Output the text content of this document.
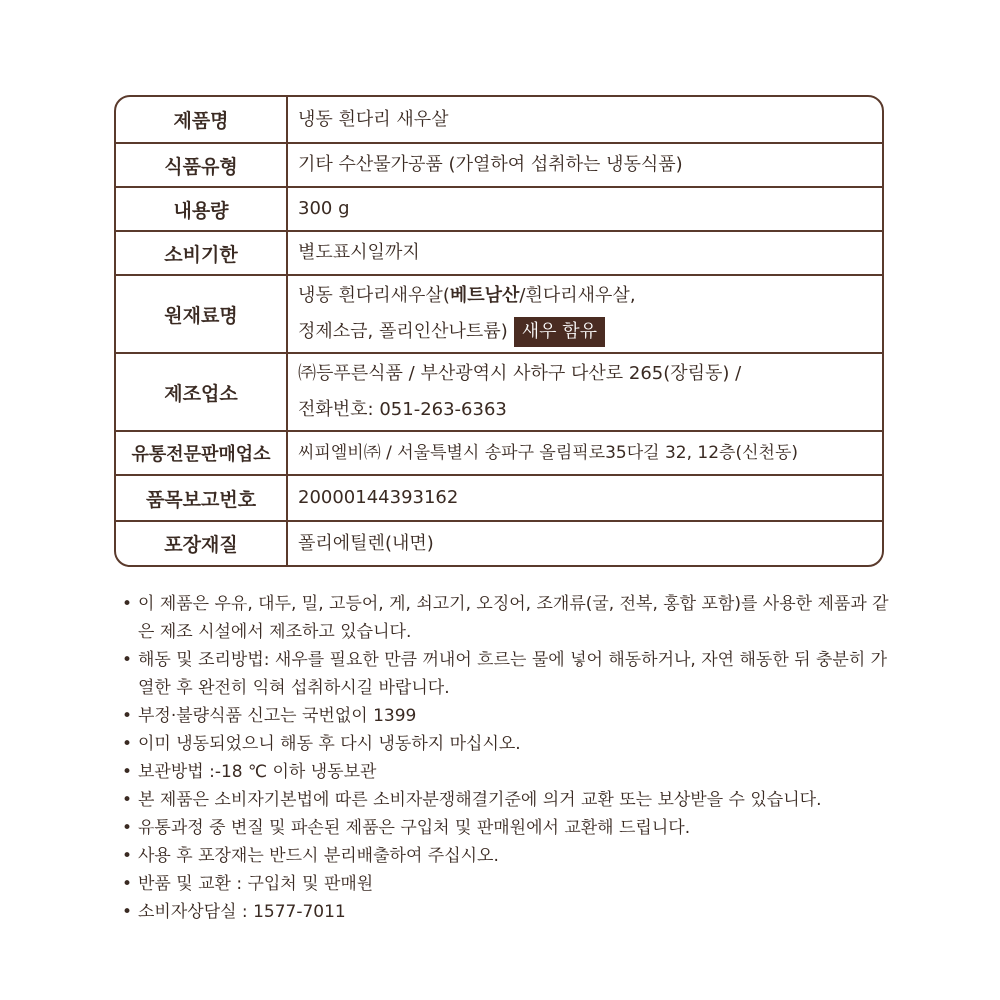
제품명	냉동 흰다리 새우살
식품유형	기타 수산물가공품 (가열하여 섭취하는 냉동식품)
내용량	300 g
소비기한	별도표시일까지
원재료명	냉동 흰다리새우살(베트남산/흰다리새우살,
정제소금, 폴리인산나트륨) 새우 함유

제조업소	㈜등푸른식품 / 부산광역시 사하구 다산로 265(장림동) /
전화번호: 051-263-6363

유통전문판매업소	씨피엘비㈜ / 서울특별시 송파구 올림픽로35다길 32, 12층(신천동)
품목보고번호	20000144393162
포장재질	폴리에틸렌(내면)
• 이 제품은 우유, 대두, 밀, 고등어, 게, 쇠고기, 오징어, 조개류(굴, 전복, 홍합 포함)를 사용한 제품과 같은 제조 시설에서 제조하고 있습니다.
• 해동 및 조리방법: 새우를 필요한 만큼 꺼내어 흐르는 물에 넣어 해동하거나, 자연 해동한 뒤 충분히 가열한 후 완전히 익혀 섭취하시길 바랍니다.
• 부정·불량식품 신고는 국번없이 1399
• 이미 냉동되었으니 해동 후 다시 냉동하지 마십시오.
• 보관방법 :-18 ℃ 이하 냉동보관
• 본 제품은 소비자기본법에 따른 소비자분쟁해결기준에 의거 교환 또는 보상받을 수 있습니다.
• 유통과정 중 변질 및 파손된 제품은 구입처 및 판매원에서 교환해 드립니다.
• 사용 후 포장재는 반드시 분리배출하여 주십시오.
• 반품 및 교환 : 구입처 및 판매원
• 소비자상담실 : 1577-7011
